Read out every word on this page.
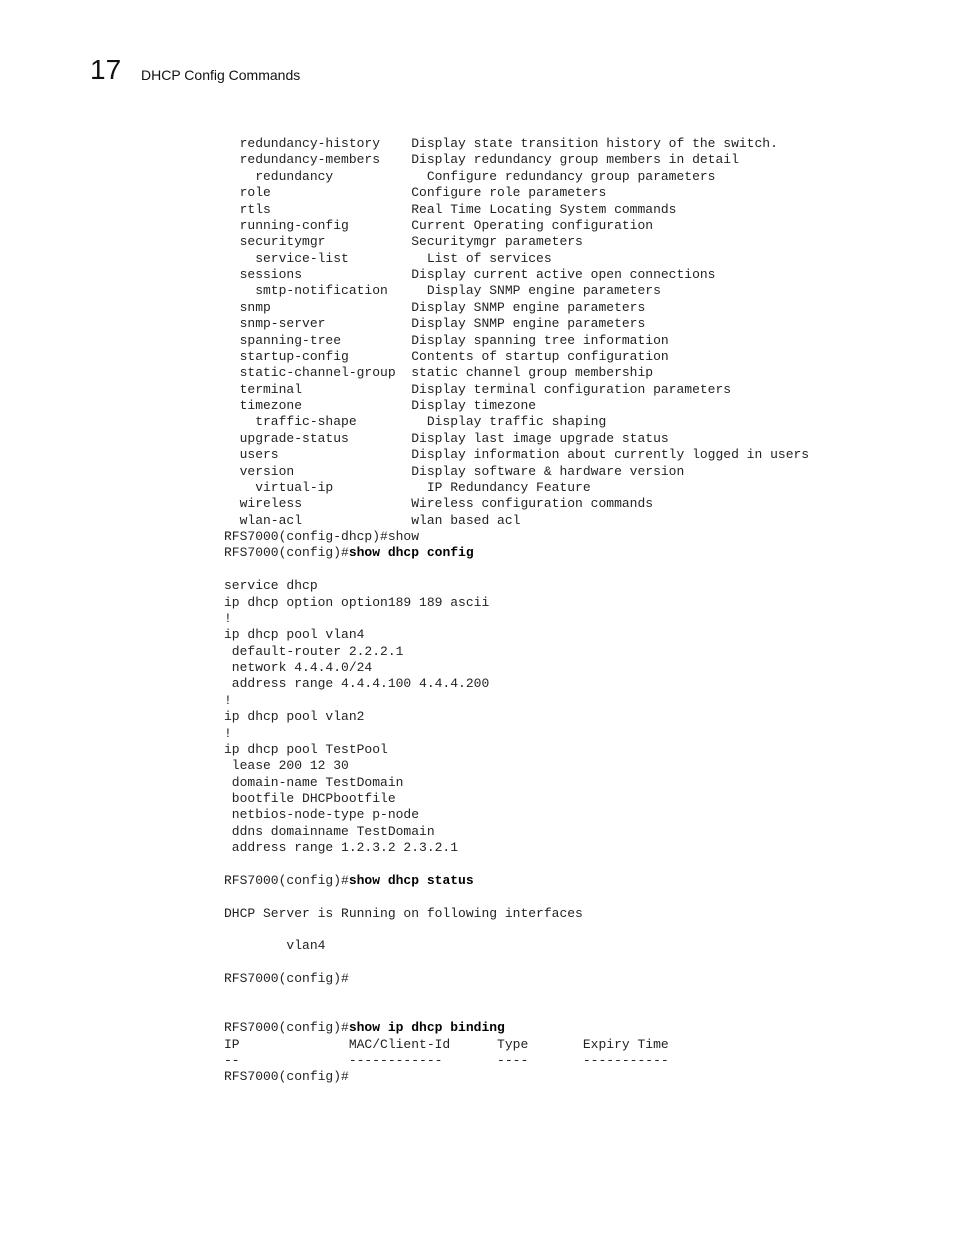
17 DHCP Config Commands
redundancy-history    Display state transition history of the switch.
redundancy-members    Display redundancy group members in detail
redundancy            Configure redundancy group parameters
role                  Configure role parameters
rtls                  Real Time Locating System commands
running-config        Current Operating configuration
securitymgr           Securitymgr parameters
service-list          List of services
sessions              Display current active open connections
smtp-notification     Display SNMP engine parameters
snmp                  Display SNMP engine parameters
snmp-server           Display SNMP engine parameters
spanning-tree         Display spanning tree information
startup-config        Contents of startup configuration
static-channel-group  static channel group membership
terminal              Display terminal configuration parameters
timezone              Display timezone
traffic-shape         Display traffic shaping
upgrade-status        Display last image upgrade status
users                 Display information about currently logged in users
version               Display software & hardware version
virtual-ip            IP Redundancy Feature
wireless              Wireless configuration commands
wlan-acl              wlan based acl
RFS7000(config-dhcp)#show
RFS7000(config)#show dhcp config
service dhcp
ip dhcp option option189 189 ascii
!
ip dhcp pool vlan4
default-router 2.2.2.1
network 4.4.4.0/24
address range 4.4.4.100 4.4.4.200
!
ip dhcp pool vlan2
!
ip dhcp pool TestPool
lease 200 12 30
domain-name TestDomain
bootfile DHCPbootfile
netbios-node-type p-node
ddns domainname TestDomain
address range 1.2.3.2 2.3.2.1
RFS7000(config)#show dhcp status
DHCP Server is Running on following interfaces
vlan4
RFS7000(config)#
RFS7000(config)#show ip dhcp binding
IP              MAC/Client-Id      Type       Expiry Time
--              ------------       ----       -----------
RFS7000(config)#
